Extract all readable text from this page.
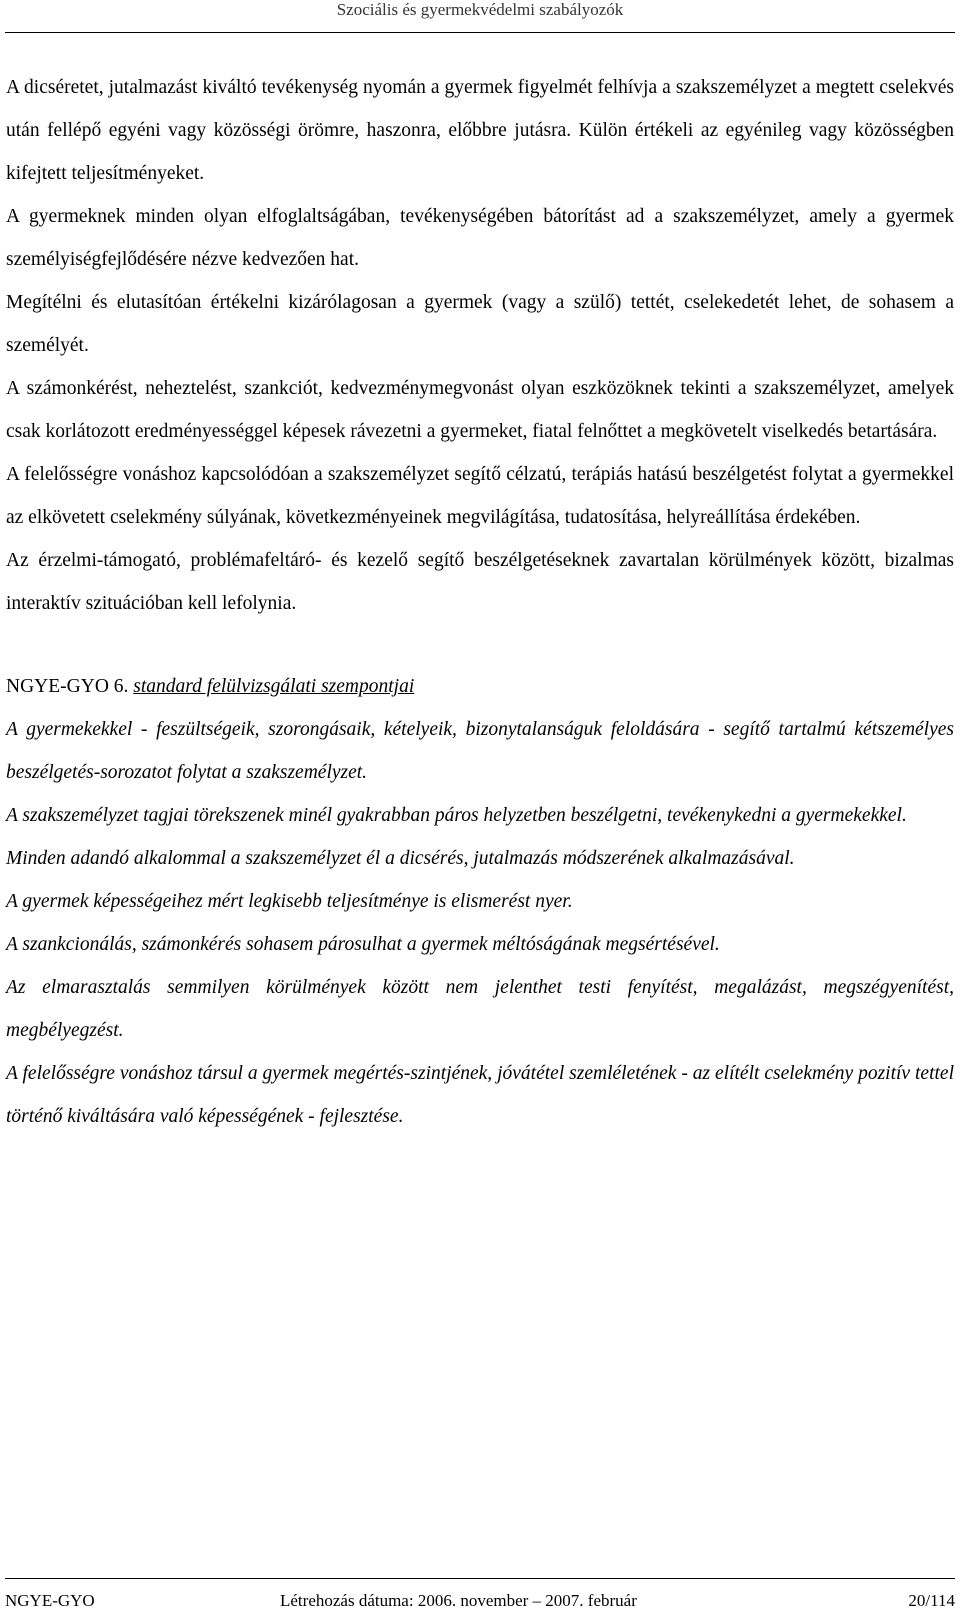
Szociális és gyermekvédelmi szabályozók

A dicséretet, jutalmazást kiváltó tevékenység nyomán a gyermek figyelmét felhívja a szakszemélyzet a megtett cselekvés után fellépő egyéni vagy közösségi örömre, haszonra, előbbre jutásra. Külön értékeli az egyénileg vagy közösségben kifejtett teljesítményeket.

A gyermeknek minden olyan elfoglaltságában, tevékenységében bátorítást ad a szakszemélyzet, amely a gyermek személyiségfejlődésére nézve kedvezően hat.

Megítélni és elutasítóan értékelni kizárólagosan a gyermek (vagy a szülő) tettét, cselekedetét lehet, de sohasem a személyét.

A számonkérést, neheztelést, szankciót, kedvezménymegvonást olyan eszközöknek tekinti a szakszemélyzet, amelyek csak korlátozott eredményességgel képesek rávezetni a gyermeket, fiatal felnőttet a megkövetelt viselkedés betartására.

A felelősségre vonáshoz kapcsolódóan a szakszemélyzet segítő célzatú, terápiás hatású beszélgetést folytat a gyermekkel az elkövetett cselekmény súlyának, következményeinek megvilágítása, tudatosítása, helyreállítása érdekében.

Az érzelmi-támogató, problémafeltáró- és kezelő segítő beszélgetéseknek zavartalan körülmények között, bizalmas interaktív szituációban kell lefolynia.

NGYE-GYO 6. standard felülvizsgálati szempontjai

A gyermekekkel - feszültségeik, szorongásaik, kételyeik, bizonytalanságuk feloldására - segítő tartalmú kétszemélyes beszélgetés-sorozatot folytat a szakszemélyzet.

A szakszemélyzet tagjai törekszenek minél gyakrabban páros helyzetben beszélgetni, tevékenykedni a gyermekekkel.

Minden adandó alkalommal a szakszemélyzet él a dicsérés, jutalmazás módszerének alkalmazásával.

A gyermek képességeihez mért legkisebb teljesítménye is elismerést nyer.

A szankcionálás, számonkérés sohasem párosulhat a gyermek méltóságának megsértésével.

Az elmarasztalás semmilyen körülmények között nem jelenthet testi fenyítést, megalázást, megszégyenítést, megbélyegzést.

A felelősségre vonáshoz társul a gyermek megértés-szintjének, jóvátétel szemléletének - az elítélt cselekmény pozitív tettel történő kiváltására való képességének - fejlesztése.

NGYE-GYO	Létrehozás dátuma: 2006. november – 2007. február	20/114
